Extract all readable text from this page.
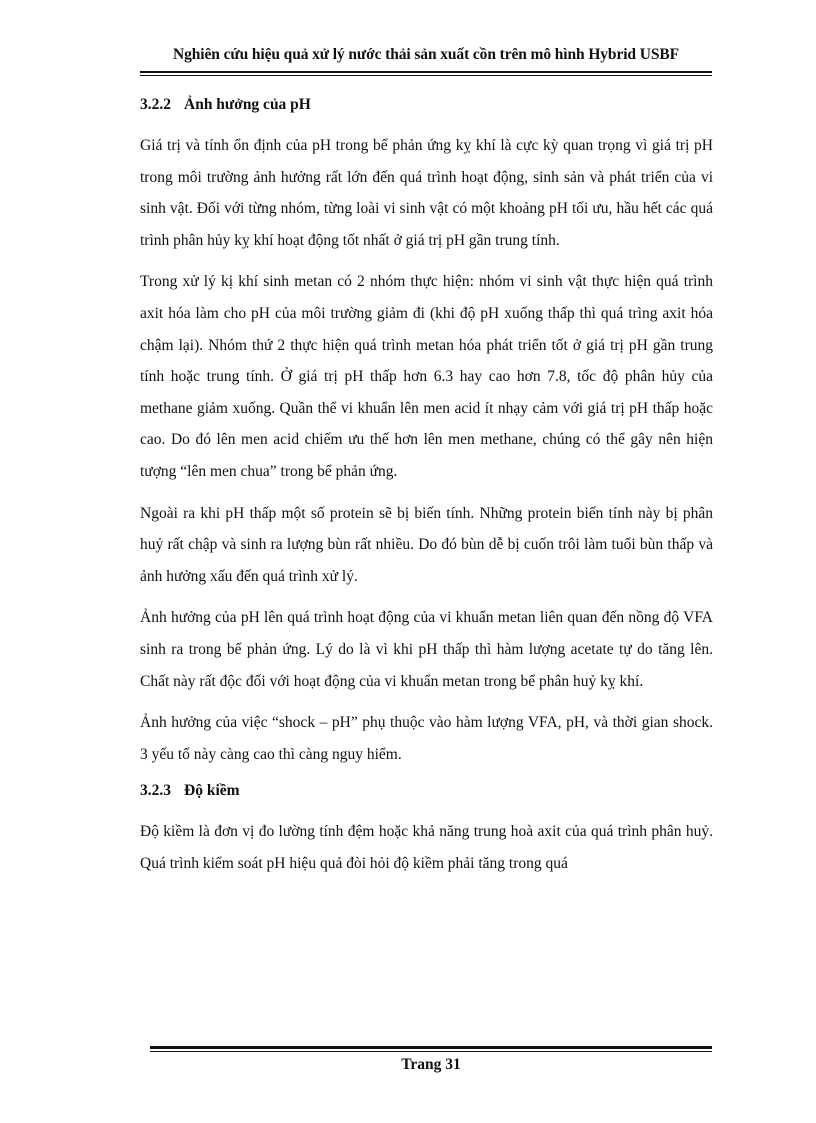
Nghiên cứu hiệu quả xử lý nước thải sản xuất cồn trên mô hình Hybrid USBF
3.2.2 Ảnh hưởng của pH

Giá trị và tính ổn định của pH trong bể phản ứng kỵ khí là cực kỳ quan trọng vì giá trị pH trong môi trường ảnh hưởng rất lớn đến quá trình hoạt động, sinh sản và phát triển của vi sinh vật. Đối với từng nhóm, từng loài vi sinh vật có một khoảng pH tối ưu, hầu hết các quá trình phân hủy kỵ khí hoạt động tốt nhất ở giá trị pH gần trung tính.

Trong xử lý kị khí sinh metan có 2 nhóm thực hiện: nhóm vi sinh vật thực hiện quá trình axit hóa làm cho pH của môi trường giảm đi (khi độ pH xuống thấp thì quá trìng axit hóa chậm lại). Nhóm thứ 2 thực hiện quá trình metan hóa phát triển tốt ở giá trị pH gần trung tính hoặc trung tính. Ở giá trị pH thấp hơn 6.3 hay cao hơn 7.8, tốc độ phân hủy của methane giảm xuống. Quần thể vi khuẩn lên men acid ít nhạy cảm với giá trị pH thấp hoặc cao. Do đó lên men acid chiếm ưu thế hơn lên men methane, chúng có thể gây nên hiện tượng “lên men chua” trong bể phản ứng.

Ngoài ra khi pH thấp một số protein sẽ bị biến tính. Những protein biến tính này bị phân huỷ rất chập và sinh ra lượng bùn rất nhiều. Do đó bùn dễ bị cuốn trôi làm tuổi bùn thấp và ảnh hưởng xấu đến quá trình xử lý.

Ảnh hưởng của pH lên quá trình hoạt động của vi khuẩn metan liên quan đến nồng độ VFA sinh ra trong bể phản ứng. Lý do là vì khi pH thấp thì hàm lượng acetate tự do tăng lên. Chất này rất độc đối với hoạt động của vi khuẩn metan trong bể phân huỷ kỵ khí.

Ảnh hưởng của việc “shock – pH” phụ thuộc vào hàm lượng VFA, pH, và thời gian shock. 3 yếu tố này càng cao thì càng nguy hiểm.

3.2.3 Độ kiềm

Độ kiềm là đơn vị đo lường tính đệm hoặc khả năng trung hoà axit của quá trình phân huỷ. Quá trình kiểm soát pH hiệu quả đòi hỏi độ kiềm phải tăng trong quá

Trang 31
